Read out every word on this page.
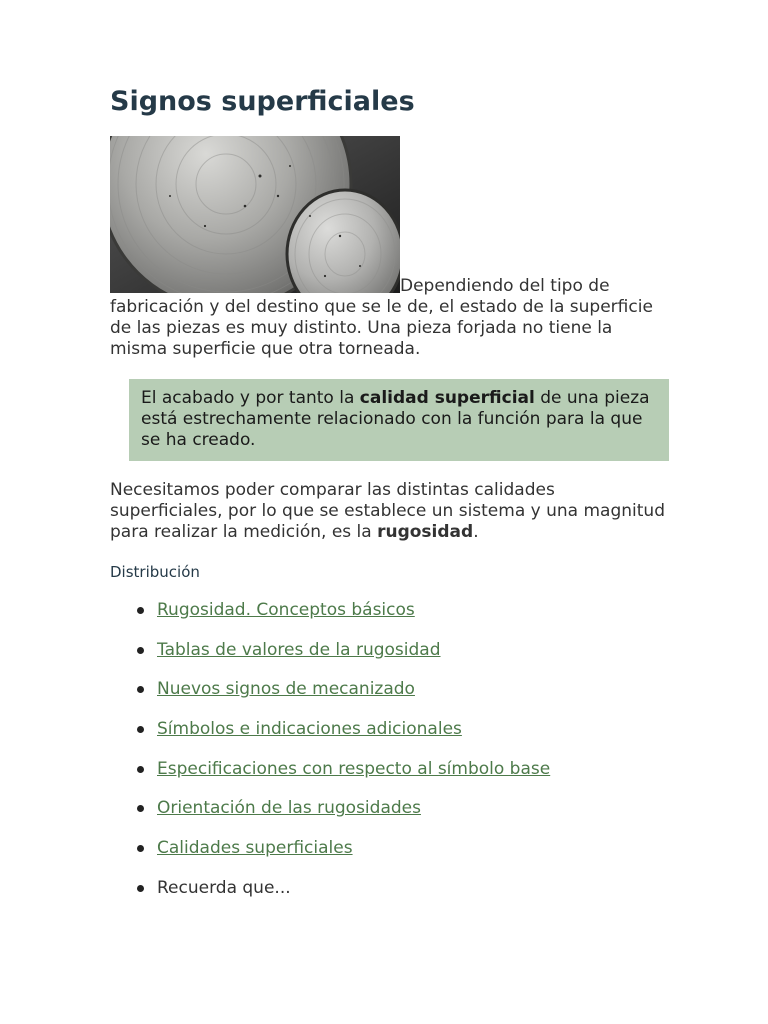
Signos superficiales

Dependiendo del tipo de fabricación y del destino que se le de, el estado de la superficie de las piezas es muy distinto. Una pieza forjada no tiene la misma superficie que otra torneada.

El acabado y por tanto la calidad superficial de una pieza está estrechamente relacionado con la función para la que se ha creado.

Necesitamos poder comparar las distintas calidades superficiales, por lo que se establece un sistema y una magnitud para realizar la medición, es la rugosidad.

Distribución
Rugosidad. Conceptos básicos
Tablas de valores de la rugosidad
Nuevos signos de mecanizado
Símbolos e indicaciones adicionales
Especificaciones con respecto al símbolo base
Orientación de las rugosidades
Calidades superficiales
Recuerda que...
